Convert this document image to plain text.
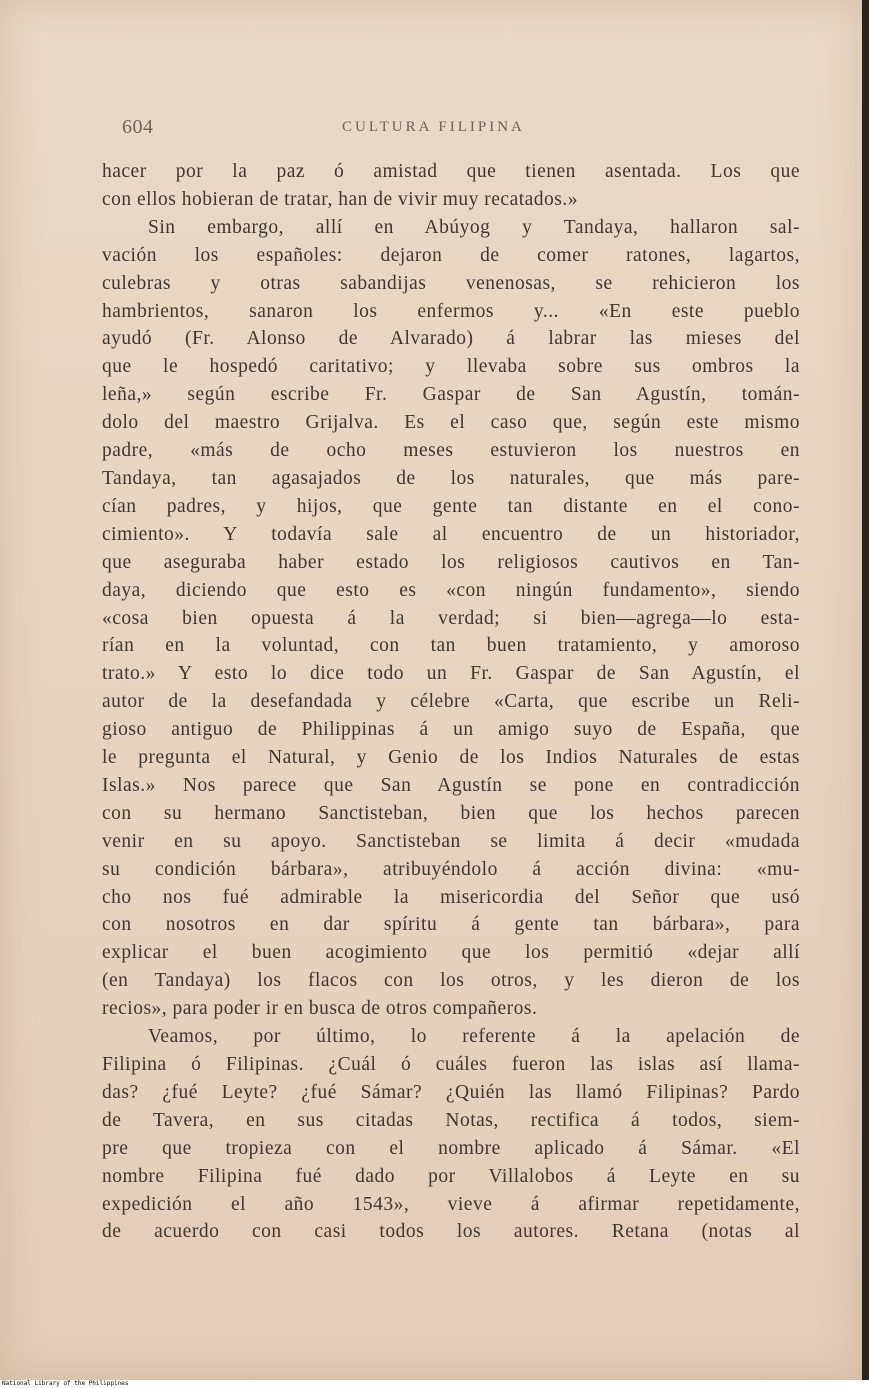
604	CULTURA FILIPINA
hacer por la paz ó amistad que tienen asentada. Los que
con ellos hobieran de tratar, han de vivir muy recatados.»
Sin embargo, allí en Abúyog y Tandaya, hallaron sal-
vación los españoles: dejaron de comer ratones, lagartos,
culebras y otras sabandijas venenosas, se rehicieron los
hambrientos, sanaron los enfermos y... «En este pueblo
ayudó (Fr. Alonso de Alvarado) á labrar las mieses del
que le hospedó caritativo; y llevaba sobre sus ombros la
leña,» según escribe Fr. Gaspar de San Agustín, tomán-
dolo del maestro Grijalva. Es el caso que, según este mismo
padre, «más de ocho meses estuvieron los nuestros en
Tandaya, tan agasajados de los naturales, que más pare-
cían padres, y hijos, que gente tan distante en el cono-
cimiento». Y todavía sale al encuentro de un historiador,
que aseguraba haber estado los religiosos cautivos en Tan-
daya, diciendo que esto es «con ningún fundamento», siendo
«cosa bien opuesta á la verdad; si bien—agrega—lo esta-
rían en la voluntad, con tan buen tratamiento, y amoroso
trato.» Y esto lo dice todo un Fr. Gaspar de San Agustín, el
autor de la desefandada y célebre «Carta, que escribe un Reli-
gioso antiguo de Philippinas á un amigo suyo de España, que
le pregunta el Natural, y Genio de los Indios Naturales de estas
Islas.» Nos parece que San Agustín se pone en contradicción
con su hermano Sanctisteban, bien que los hechos parecen
venir en su apoyo. Sanctisteban se limita á decir «mudada
su condición bárbara», atribuyéndolo á acción divina: «mu-
cho nos fué admirable la misericordia del Señor que usó
con nosotros en dar spíritu á gente tan bárbara», para
explicar el buen acogimiento que los permitió «dejar allí
(en Tandaya) los flacos con los otros, y les dieron de los
recios», para poder ir en busca de otros compañeros.
Veamos, por último, lo referente á la apelación de
Filipina ó Filipinas. ¿Cuál ó cuáles fueron las islas así llama-
das? ¿fué Leyte? ¿fué Sámar? ¿Quién las llamó Filipinas? Pardo
de Tavera, en sus citadas Notas, rectifica á todos, siem-
pre que tropieza con el nombre aplicado á Sámar. «El
nombre Filipina fué dado por Villalobos á Leyte en su
expedición el año 1543», vieve á afirmar repetidamente,
de acuerdo con casi todos los autores. Retana (notas al
National Library of the Philippines
